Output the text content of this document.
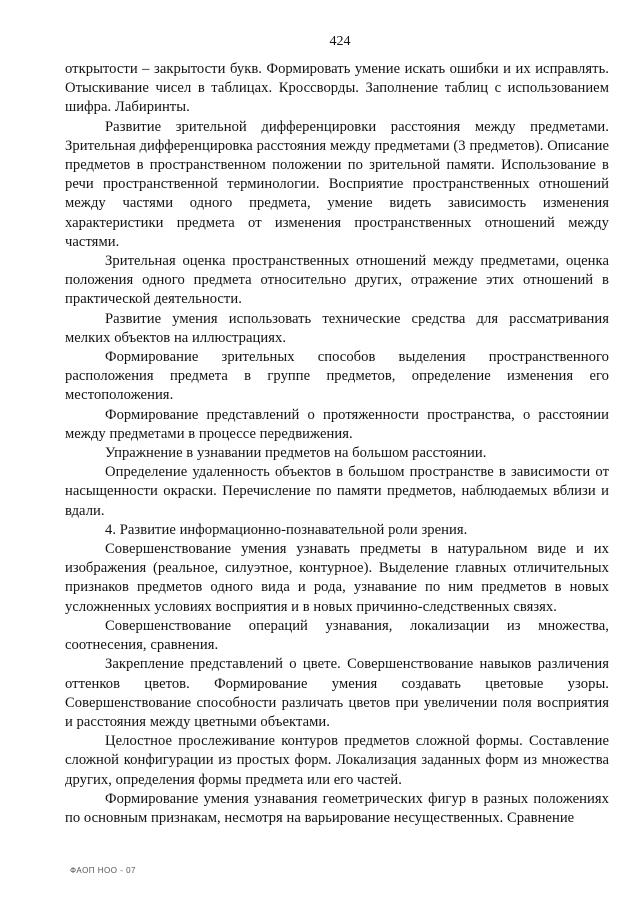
424

открытости – закрытости букв. Формировать умение искать ошибки и их исправлять. Отыскивание чисел в таблицах. Кроссворды. Заполнение таблиц с использованием шифра. Лабиринты.

Развитие зрительной дифференцировки расстояния между предметами. Зрительная дифференцировка расстояния между предметами (3 предметов). Описание предметов в пространственном положении по зрительной памяти. Использование в речи пространственной терминологии. Восприятие пространственных отношений между частями одного предмета, умение видеть зависимость изменения характеристики предмета от изменения пространственных отношений между частями.

Зрительная оценка пространственных отношений между предметами, оценка положения одного предмета относительно других, отражение этих отношений в практической деятельности.

Развитие умения использовать технические средства для рассматривания мелких объектов на иллюстрациях.

Формирование зрительных способов выделения пространственного расположения предмета в группе предметов, определение изменения его местоположения.

Формирование представлений о протяженности пространства, о расстоянии между предметами в процессе передвижения.

Упражнение в узнавании предметов на большом расстоянии.

Определение удаленность объектов в большом пространстве в зависимости от насыщенности окраски. Перечисление по памяти предметов, наблюдаемых вблизи и вдали.

4. Развитие информационно-познавательной роли зрения.

Совершенствование умения узнавать предметы в натуральном виде и их изображения (реальное, силуэтное, контурное). Выделение главных отличительных признаков предметов одного вида и рода, узнавание по ним предметов в новых усложненных условиях восприятия и в новых причинно-следственных связях.

Совершенствование операций узнавания, локализации из множества, соотнесения, сравнения.

Закрепление представлений о цвете. Совершенствование навыков различения оттенков цветов. Формирование умения создавать цветовые узоры. Совершенствование способности различать цветов при увеличении поля восприятия и расстояния между цветными объектами.

Целостное прослеживание контуров предметов сложной формы. Составление сложной конфигурации из простых форм. Локализация заданных форм из множества других, определения формы предмета или его частей.

Формирование умения узнавания геометрических фигур в разных положениях по основным признакам, несмотря на варьирование несущественных. Сравнение

ФАОП НОО - 07
